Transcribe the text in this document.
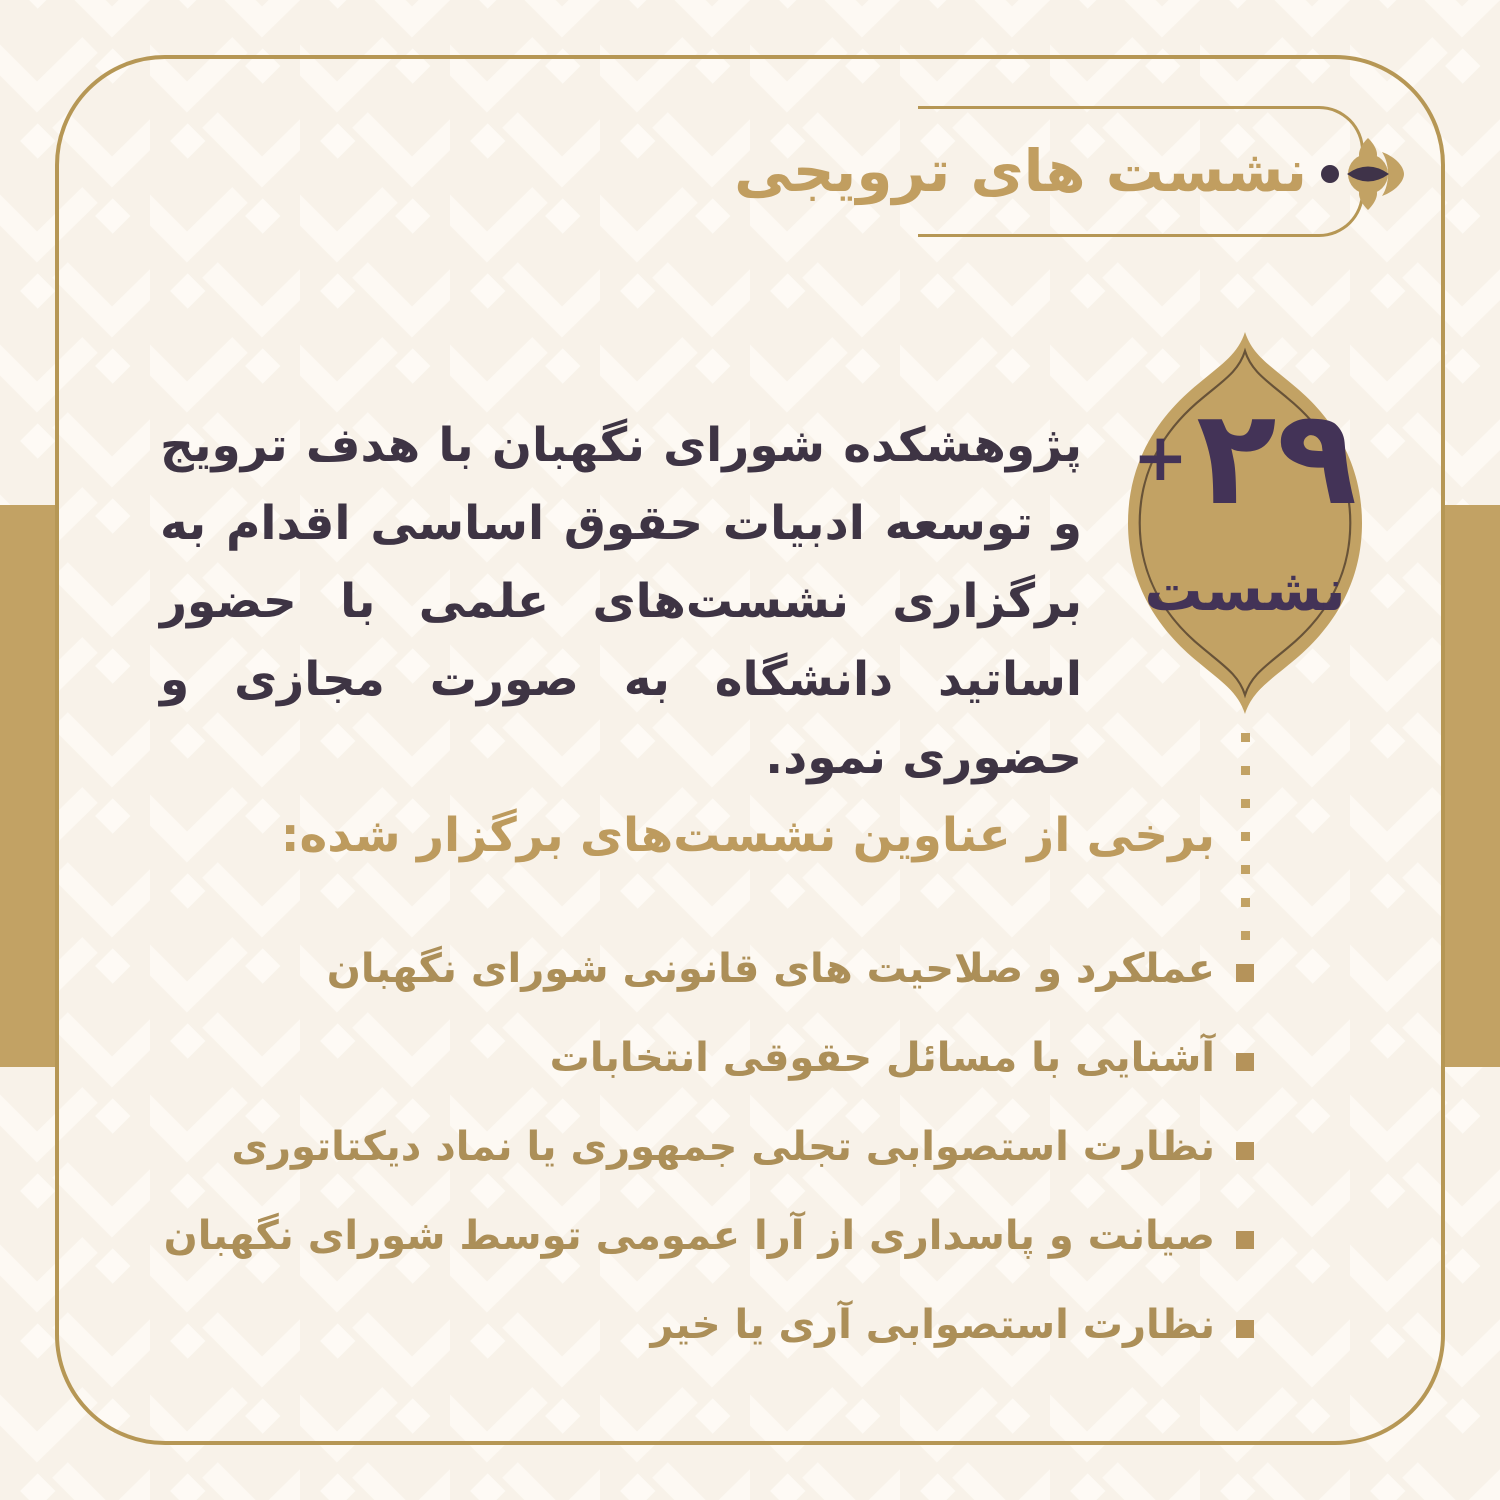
نشست های ترویجی

پژوهشکده شورای نگهبان با هدف ترویج و توسعه ادبیات حقوق اساسی اقدام به برگزاری نشست‌های علمی با حضور اساتید دانشگاه به صورت مجازی و حضوری نمود.

+ ۲۹
نشست
برخی از عناوین نشست‌های برگزار شده:
عملکرد و صلاحیت های قانونی شورای نگهبان
آشنایی با مسائل حقوقی انتخابات
نظارت استصوابی تجلی جمهوری یا نماد دیکتاتوری
صیانت و پاسداری از آرا عمومی توسط شورای نگهبان
نظارت استصوابی آری یا خیر
